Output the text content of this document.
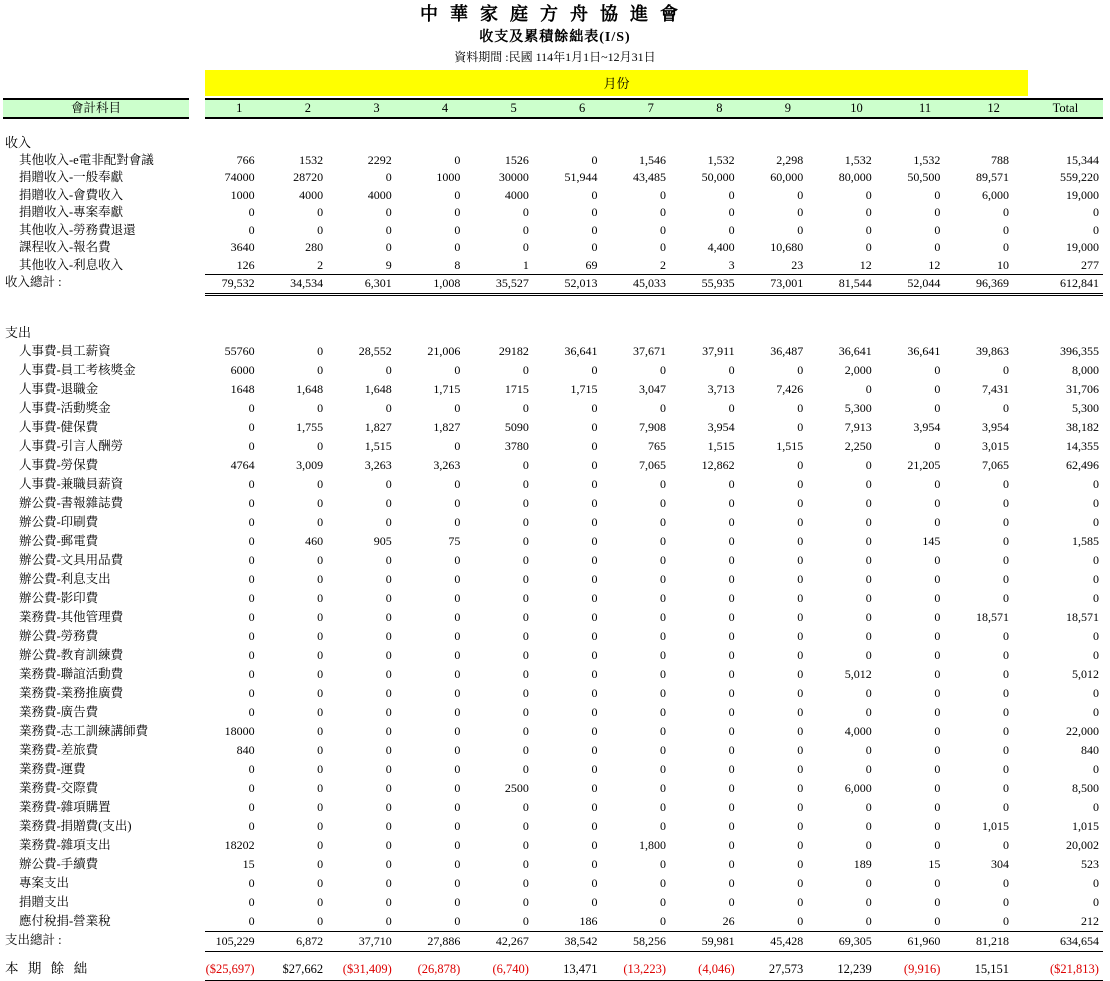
中華家庭方舟協進會
收支及累積餘絀表(I/S)
資料期間 :民國 114年1月1日~12月31日
月份
會計科目	1	2	3	4	5	6	7	8	9	10	11	12	Total
收入
其他收入-e電非配對會議	766	1532	2292	0	1526	0	1,546	1,532	2,298	1,532	1,532	788	15,344
捐贈收入-一般奉獻	74000	28720	0	1000	30000	51,944	43,485	50,000	60,000	80,000	50,500	89,571	559,220
捐贈收入-會費收入	1000	4000	4000	0	4000	0	0	0	0	0	0	6,000	19,000
捐贈收入-專案奉獻	0	0	0	0	0	0	0	0	0	0	0	0	0
其他收入-勞務費退還	0	0	0	0	0	0	0	0	0	0	0	0	0
課程收入-報名費	3640	280	0	0	0	0	0	4,400	10,680	0	0	0	19,000
其他收入-利息收入	126	2	9	8	1	69	2	3	23	12	12	10	277
收入總計 :	79,532	34,534	6,301	1,008	35,527	52,013	45,033	55,935	73,001	81,544	52,044	96,369	612,841
支出
人事費-員工薪資	55760	0	28,552	21,006	29182	36,641	37,671	37,911	36,487	36,641	36,641	39,863	396,355
人事費-員工考核獎金	6000	0	0	0	0	0	0	0	0	2,000	0	0	8,000
人事費-退職金	1648	1,648	1,648	1,715	1715	1,715	3,047	3,713	7,426	0	0	7,431	31,706
人事費-活動獎金	0	0	0	0	0	0	0	0	0	5,300	0	0	5,300
人事費-健保費	0	1,755	1,827	1,827	5090	0	7,908	3,954	0	7,913	3,954	3,954	38,182
人事費-引言人酬勞	0	0	1,515	0	3780	0	765	1,515	1,515	2,250	0	3,015	14,355
人事費-勞保費	4764	3,009	3,263	3,263	0	0	7,065	12,862	0	0	21,205	7,065	62,496
人事費-兼職員薪資	0	0	0	0	0	0	0	0	0	0	0	0	0
辦公費-書報雜誌費	0	0	0	0	0	0	0	0	0	0	0	0	0
辦公費-印刷費	0	0	0	0	0	0	0	0	0	0	0	0	0
辦公費-郵電費	0	460	905	75	0	0	0	0	0	0	145	0	1,585
辦公費-文具用品費	0	0	0	0	0	0	0	0	0	0	0	0	0
辦公費-利息支出	0	0	0	0	0	0	0	0	0	0	0	0	0
辦公費-影印費	0	0	0	0	0	0	0	0	0	0	0	0	0
業務費-其他管理費	0	0	0	0	0	0	0	0	0	0	0	18,571	18,571
辦公費-勞務費	0	0	0	0	0	0	0	0	0	0	0	0	0
辦公費-教育訓練費	0	0	0	0	0	0	0	0	0	0	0	0	0
業務費-聯誼活動費	0	0	0	0	0	0	0	0	0	5,012	0	0	5,012
業務費-業務推廣費	0	0	0	0	0	0	0	0	0	0	0	0	0
業務費-廣告費	0	0	0	0	0	0	0	0	0	0	0	0	0
業務費-志工訓練講師費	18000	0	0	0	0	0	0	0	0	4,000	0	0	22,000
業務費-差旅費	840	0	0	0	0	0	0	0	0	0	0	0	840
業務費-運費	0	0	0	0	0	0	0	0	0	0	0	0	0
業務費-交際費	0	0	0	0	2500	0	0	0	0	6,000	0	0	8,500
業務費-雜項購置	0	0	0	0	0	0	0	0	0	0	0	0	0
業務費-捐贈費(支出)	0	0	0	0	0	0	0	0	0	0	0	1,015	1,015
業務費-雜項支出	18202	0	0	0	0	0	1,800	0	0	0	0	0	20,002
辦公費-手續費	15	0	0	0	0	0	0	0	0	189	15	304	523
專案支出	0	0	0	0	0	0	0	0	0	0	0	0	0
捐贈支出	0	0	0	0	0	0	0	0	0	0	0	0	0
應付稅捐-營業稅	0	0	0	0	0	186	0	26	0	0	0	0	212
支出總計 :	105,229	6,872	37,710	27,886	42,267	38,542	58,256	59,981	45,428	69,305	61,960	81,218	634,654
本 期 餘 絀	($25,697)	$27,662	($31,409)	(26,878)	(6,740)	13,471	(13,223)	(4,046)	27,573	12,239	(9,916)	15,151	($21,813)
